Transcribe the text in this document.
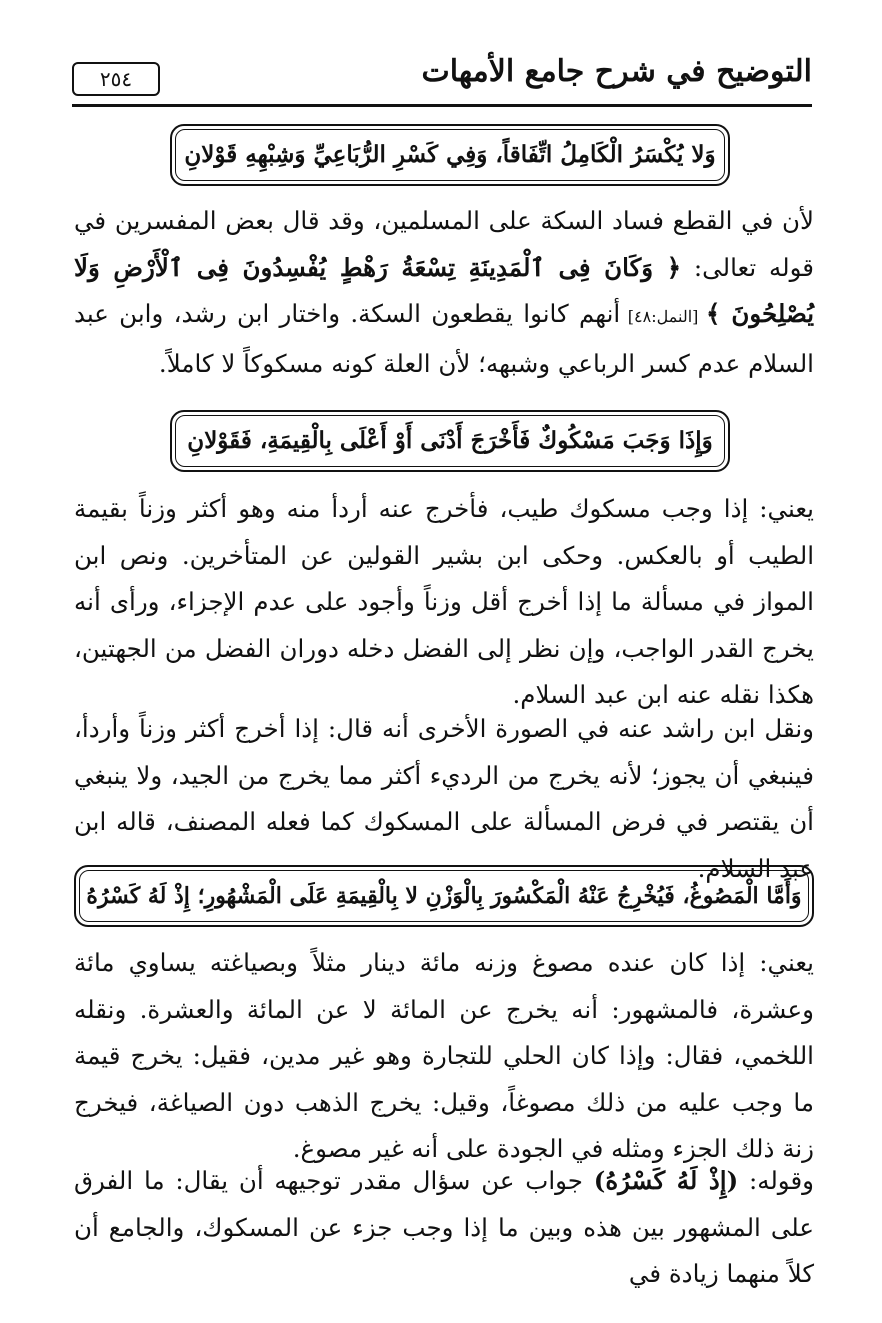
التوضيح في شرح جامع الأمهات
٢٥٤
وَلا يُكْسَرُ الْكَامِلُ اتِّفَاقاً، وَفِي كَسْرِ الرُّبَاعِيِّ وَشِبْهِهِ قَوْلانِ
لأن في القطع فساد السكة على المسلمين، وقد قال بعض المفسرين في قوله تعالى: ﴿ وَكَانَ فِى ٱلْمَدِينَةِ تِسْعَةُ رَهْطٍ يُفْسِدُونَ فِى ٱلْأَرْضِ وَلَا يُصْلِحُونَ ﴾ [النمل:٤٨] أنهم كانوا يقطعون السكة. واختار ابن رشد، وابن عبد السلام عدم كسر الرباعي وشبهه؛ لأن العلة كونه مسكوكاً لا كاملاً.
وَإِذَا وَجَبَ مَسْكُوكٌ فَأَخْرَجَ أَدْنَى أَوْ أَعْلَى بِالْقِيمَةِ، فَقَوْلانِ
يعني: إذا وجب مسكوك طيب، فأخرج عنه أردأ منه وهو أكثر وزناً بقيمة الطيب أو بالعكس. وحكى ابن بشير القولين عن المتأخرين. ونص ابن المواز في مسألة ما إذا أخرج أقل وزناً وأجود على عدم الإجزاء، ورأى أنه يخرج القدر الواجب، وإن نظر إلى الفضل دخله دوران الفضل من الجهتين، هكذا نقله عنه ابن عبد السلام.
ونقل ابن راشد عنه في الصورة الأخرى أنه قال: إذا أخرج أكثر وزناً وأردأ، فينبغي أن يجوز؛ لأنه يخرج من الرديء أكثر مما يخرج من الجيد، ولا ينبغي أن يقتصر في فرض المسألة على المسكوك كما فعله المصنف، قاله ابن عبد السلام.
وَأَمَّا الْمَصُوغُ، فَيُخْرِجُ عَنْهُ الْمَكْسُورَ بِالْوَزْنِ لا بِالْقِيمَةِ عَلَى الْمَشْهُورِ؛ إِذْ لَهُ كَسْرُهُ
يعني: إذا كان عنده مصوغ وزنه مائة دينار مثلاً وبصياغته يساوي مائة وعشرة، فالمشهور: أنه يخرج عن المائة لا عن المائة والعشرة. ونقله اللخمي، فقال: وإذا كان الحلي للتجارة وهو غير مدين، فقيل: يخرج قيمة ما وجب عليه من ذلك مصوغاً، وقيل: يخرج الذهب دون الصياغة، فيخرج زنة ذلك الجزء ومثله في الجودة على أنه غير مصوغ.
وقوله: (إِذْ لَهُ كَسْرُهُ) جواب عن سؤال مقدر توجيهه أن يقال: ما الفرق على المشهور بين هذه وبين ما إذا وجب جزء عن المسكوك، والجامع أن كلاً منهما زيادة في
